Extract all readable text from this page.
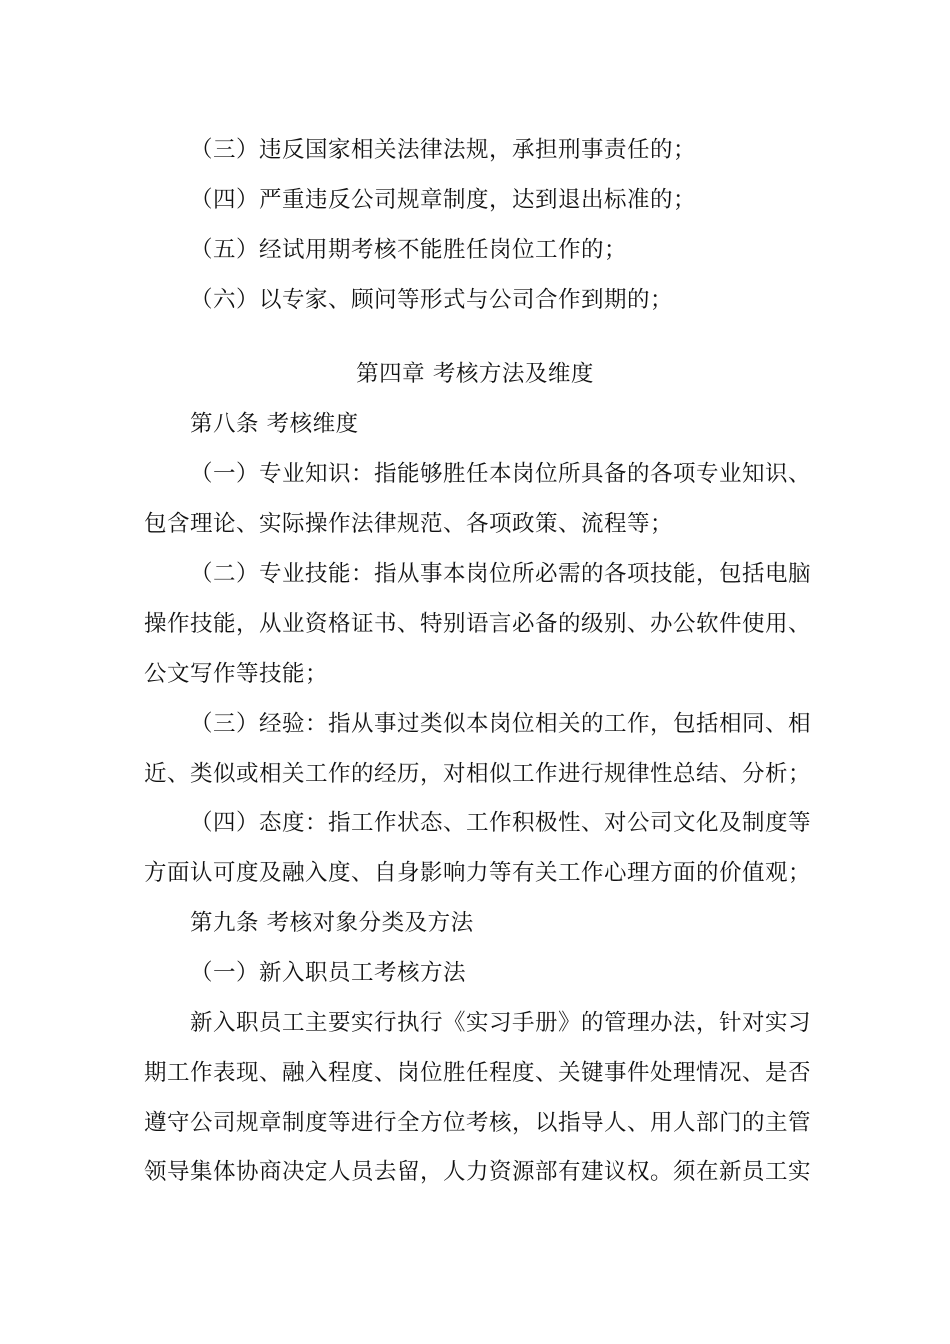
（三）违反国家相关法律法规，承担刑事责任的；
（四）严重违反公司规章制度，达到退出标准的；
（五）经试用期考核不能胜任岗位工作的；
（六）以专家、顾问等形式与公司合作到期的；
第四章 考核方法及维度
第八条 考核维度
（一）专业知识：指能够胜任本岗位所具备的各项专业知识、
包含理论、实际操作法律规范、各项政策、流程等；
（二）专业技能：指从事本岗位所必需的各项技能，包括电脑
操作技能，从业资格证书、特别语言必备的级别、办公软件使用、
公文写作等技能；
（三）经验：指从事过类似本岗位相关的工作，包括相同、相
近、类似或相关工作的经历，对相似工作进行规律性总结、分析；
（四）态度：指工作状态、工作积极性、对公司文化及制度等
方面认可度及融入度、自身影响力等有关工作心理方面的价值观；
第九条 考核对象分类及方法
（一）新入职员工考核方法
新入职员工主要实行执行《实习手册》的管理办法，针对实习
期工作表现、融入程度、岗位胜任程度、关键事件处理情况、是否
遵守公司规章制度等进行全方位考核，以指导人、用人部门的主管
领导集体协商决定人员去留，人力资源部有建议权。须在新员工实
